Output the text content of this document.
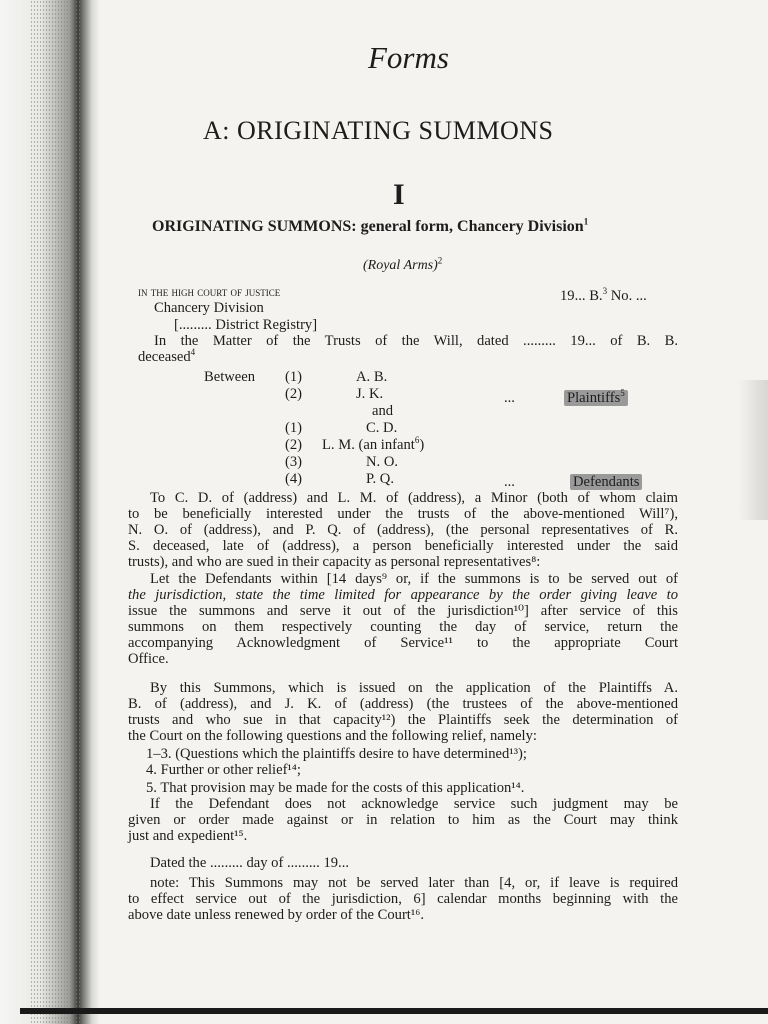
Forms
A: ORIGINATING SUMMONS
I
ORIGINATING SUMMONS: general form, Chancery Division$^1$
(Royal Arms)$^2$
in the high court of justice	19... B.$^3$ No. ...
Chancery Division
[......... District Registry]
In the Matter of the Trusts of the Will, dated ......... 19... of B. B.
deceased$^4$
Between (1)	A. B.
(2)	J. K.	...	Plaintiffs$^5$
and
(1)	C. D.
(2) L. M. (an infant$^6$)
(3)	N. O.
(4)	P. Q.	...	Defendants
To C. D. of (address) and L. M. of (address), a Minor (both of whom claim
to be beneficially interested under the trusts of the above-mentioned Will⁷),
N. O. of (address), and P. Q. of (address), (the personal representatives of R.
S. deceased, late of (address), a person beneficially interested under the said
trusts), and who are sued in their capacity as personal representatives⁸:
Let the Defendants within [14 days⁹ or, if the summons is to be served out of
the jurisdiction, state the time limited for appearance by the order giving leave to
issue the summons and serve it out of the jurisdiction¹⁰] after service of this
summons on them respectively counting the day of service, return the
accompanying Acknowledgment of Service¹¹ to the appropriate Court
Office.
By this Summons, which is issued on the application of the Plaintiffs A.
B. of (address), and J. K. of (address) (the trustees of the above-mentioned
trusts and who sue in that capacity¹²) the Plaintiffs seek the determination of
the Court on the following questions and the following relief, namely:
1–3. (Questions which the plaintiffs desire to have determined¹³);
4. Further or other relief¹⁴;
5. That provision may be made for the costs of this application¹⁴.
If the Defendant does not acknowledge service such judgment may be
given or order made against or in relation to him as the Court may think
just and expedient¹⁵.
Dated the ......... day of ......... 19...
note: This Summons may not be served later than [4, or, if leave is required
to effect service out of the jurisdiction, 6] calendar months beginning with the
above date unless renewed by order of the Court¹⁶.
